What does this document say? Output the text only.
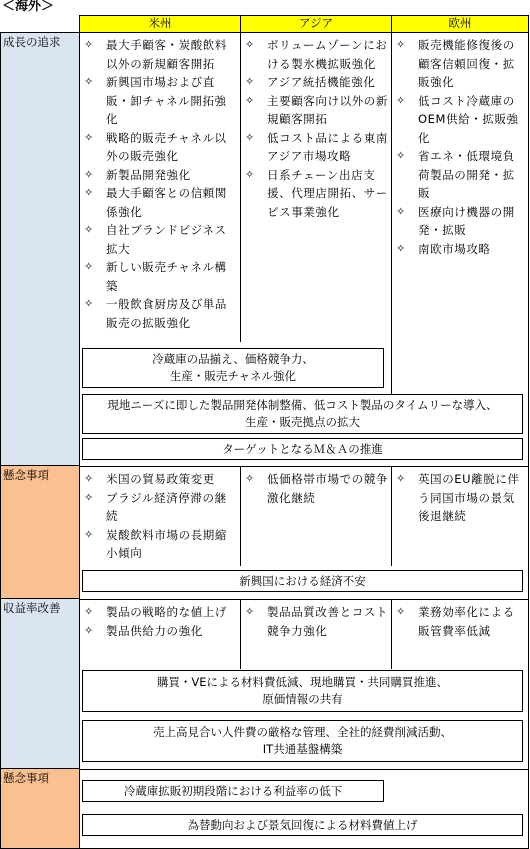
＜海外＞
米州	アジア	欧州
成長の追求
懸念事項
収益率改善
懸念事項
✧ 最大手顧客・炭酸飲料以外の新規顧客開拓
✧ 新興国市場および直販・卸チャネル開拓強化
✧ 戦略的販売チャネル以外の販売強化
✧ 新製品開発強化
✧ 最大手顧客との信頼関係強化
✧ 自社ブランドビジネス拡大
✧ 新しい販売チャネル構築
✧ 一般飲食厨房及び単品販売の拡販強化
✧ ボリュームゾーンにおける製氷機拡販強化
✧ アジア統括機能強化
✧ 主要顧客向け以外の新規顧客開拓
✧ 低コスト品による東南アジア市場攻略
✧ 日系チェーン出店支援、代理店開拓、サービス事業強化
✧ 販売機能修復後の顧客信頼回復・拡販強化
✧ 低コスト冷蔵庫のOEM供給・拡販強化
✧ 省エネ・低環境負荷製品の開発・拡販
✧ 医療向け機器の開発・拡販
✧ 南欧市場攻略
冷蔵庫の品揃え、価格競争力、
生産・販売チャネル強化
現地ニーズに即した製品開発体制整備、低コスト製品のタイムリーな導入、
生産・販売拠点の拡大
ターゲットとなるＭ＆Ａの推進
✧ 米国の貿易政策変更
✧ ブラジル経済停滞の継続
✧ 炭酸飲料市場の長期縮小傾向
✧ 低価格帯市場での競争激化継続
✧ 英国のEU離脱に伴う同国市場の景気後退継続
新興国における経済不安
✧ 製品の戦略的な値上げ
✧ 製品供給力の強化
✧ 製品品質改善とコスト競争力強化
✧ 業務効率化による販管費率低減
購買・VEによる材料費低減、現地購買・共同購買推進、
原価情報の共有
売上高見合い人件費の厳格な管理、全社的経費削減活動、
IT共通基盤構築
冷蔵庫拡販初期段階における利益率の低下
為替動向および景気回復による材料費値上げ
